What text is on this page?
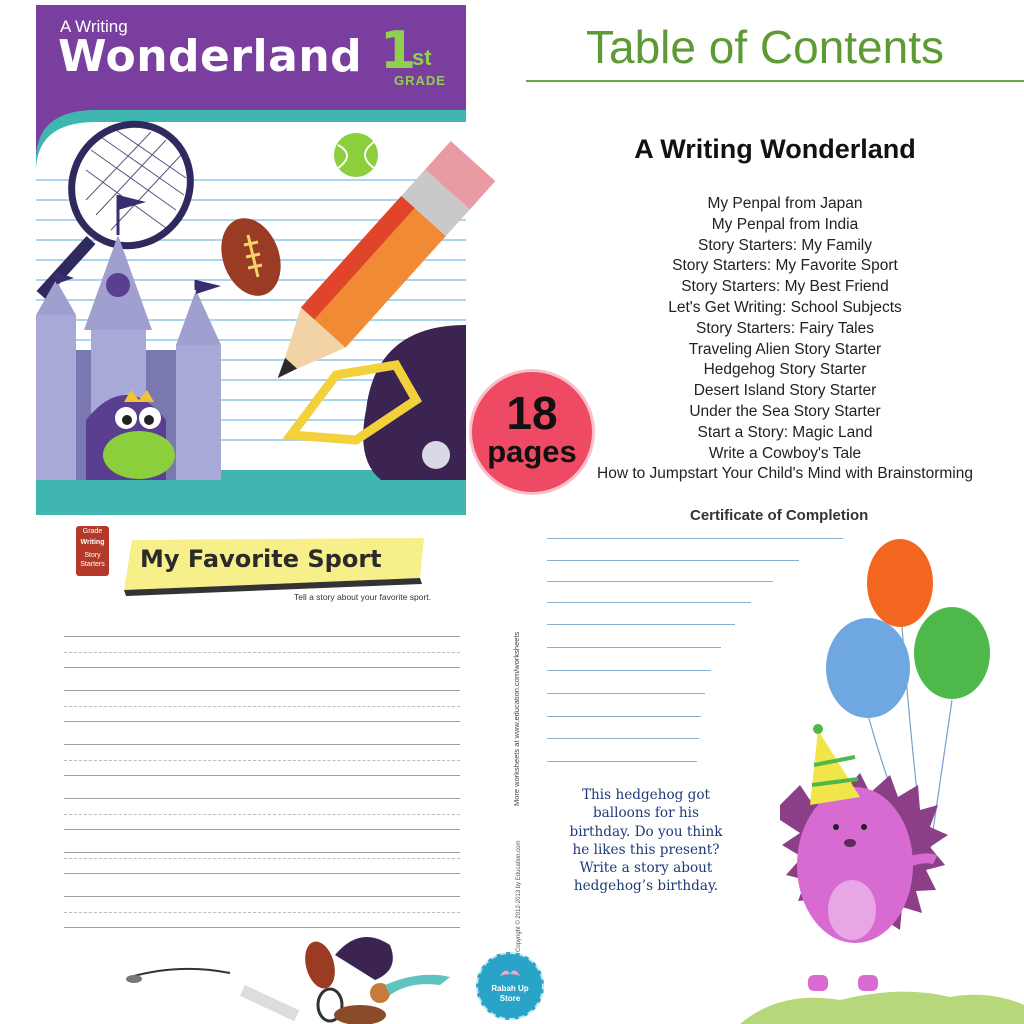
A Writing
Wonderland 1
st
GRADE
Table of Contents
A Writing Wonderland
My Penpal from Japan
My Penpal from India
Story Starters: My Family
Story Starters: My Favorite Sport
Story Starters: My Best Friend
Let's Get Writing: School Subjects
Story Starters: Fairy Tales
Traveling Alien Story Starter
Hedgehog Story Starter
Desert Island Story Starter
Under the Sea Story Starter
Start a Story: Magic Land
Write a Cowboy's Tale
How to Jumpstart Your Child's Mind with Brainstorming
Certificate of Completion
18
pages
Grade
Writing
Story
Starters My Favorite Sport
Tell a story about your favorite sport.
More worksheets at www.education.com/worksheets
Copyright © 2012-2013 by Education.com
This hedgehog got
balloons for his
birthday. Do you think
he likes this present?
Write a story about
hedgehog’s birthday.
Rabah Up
Store
